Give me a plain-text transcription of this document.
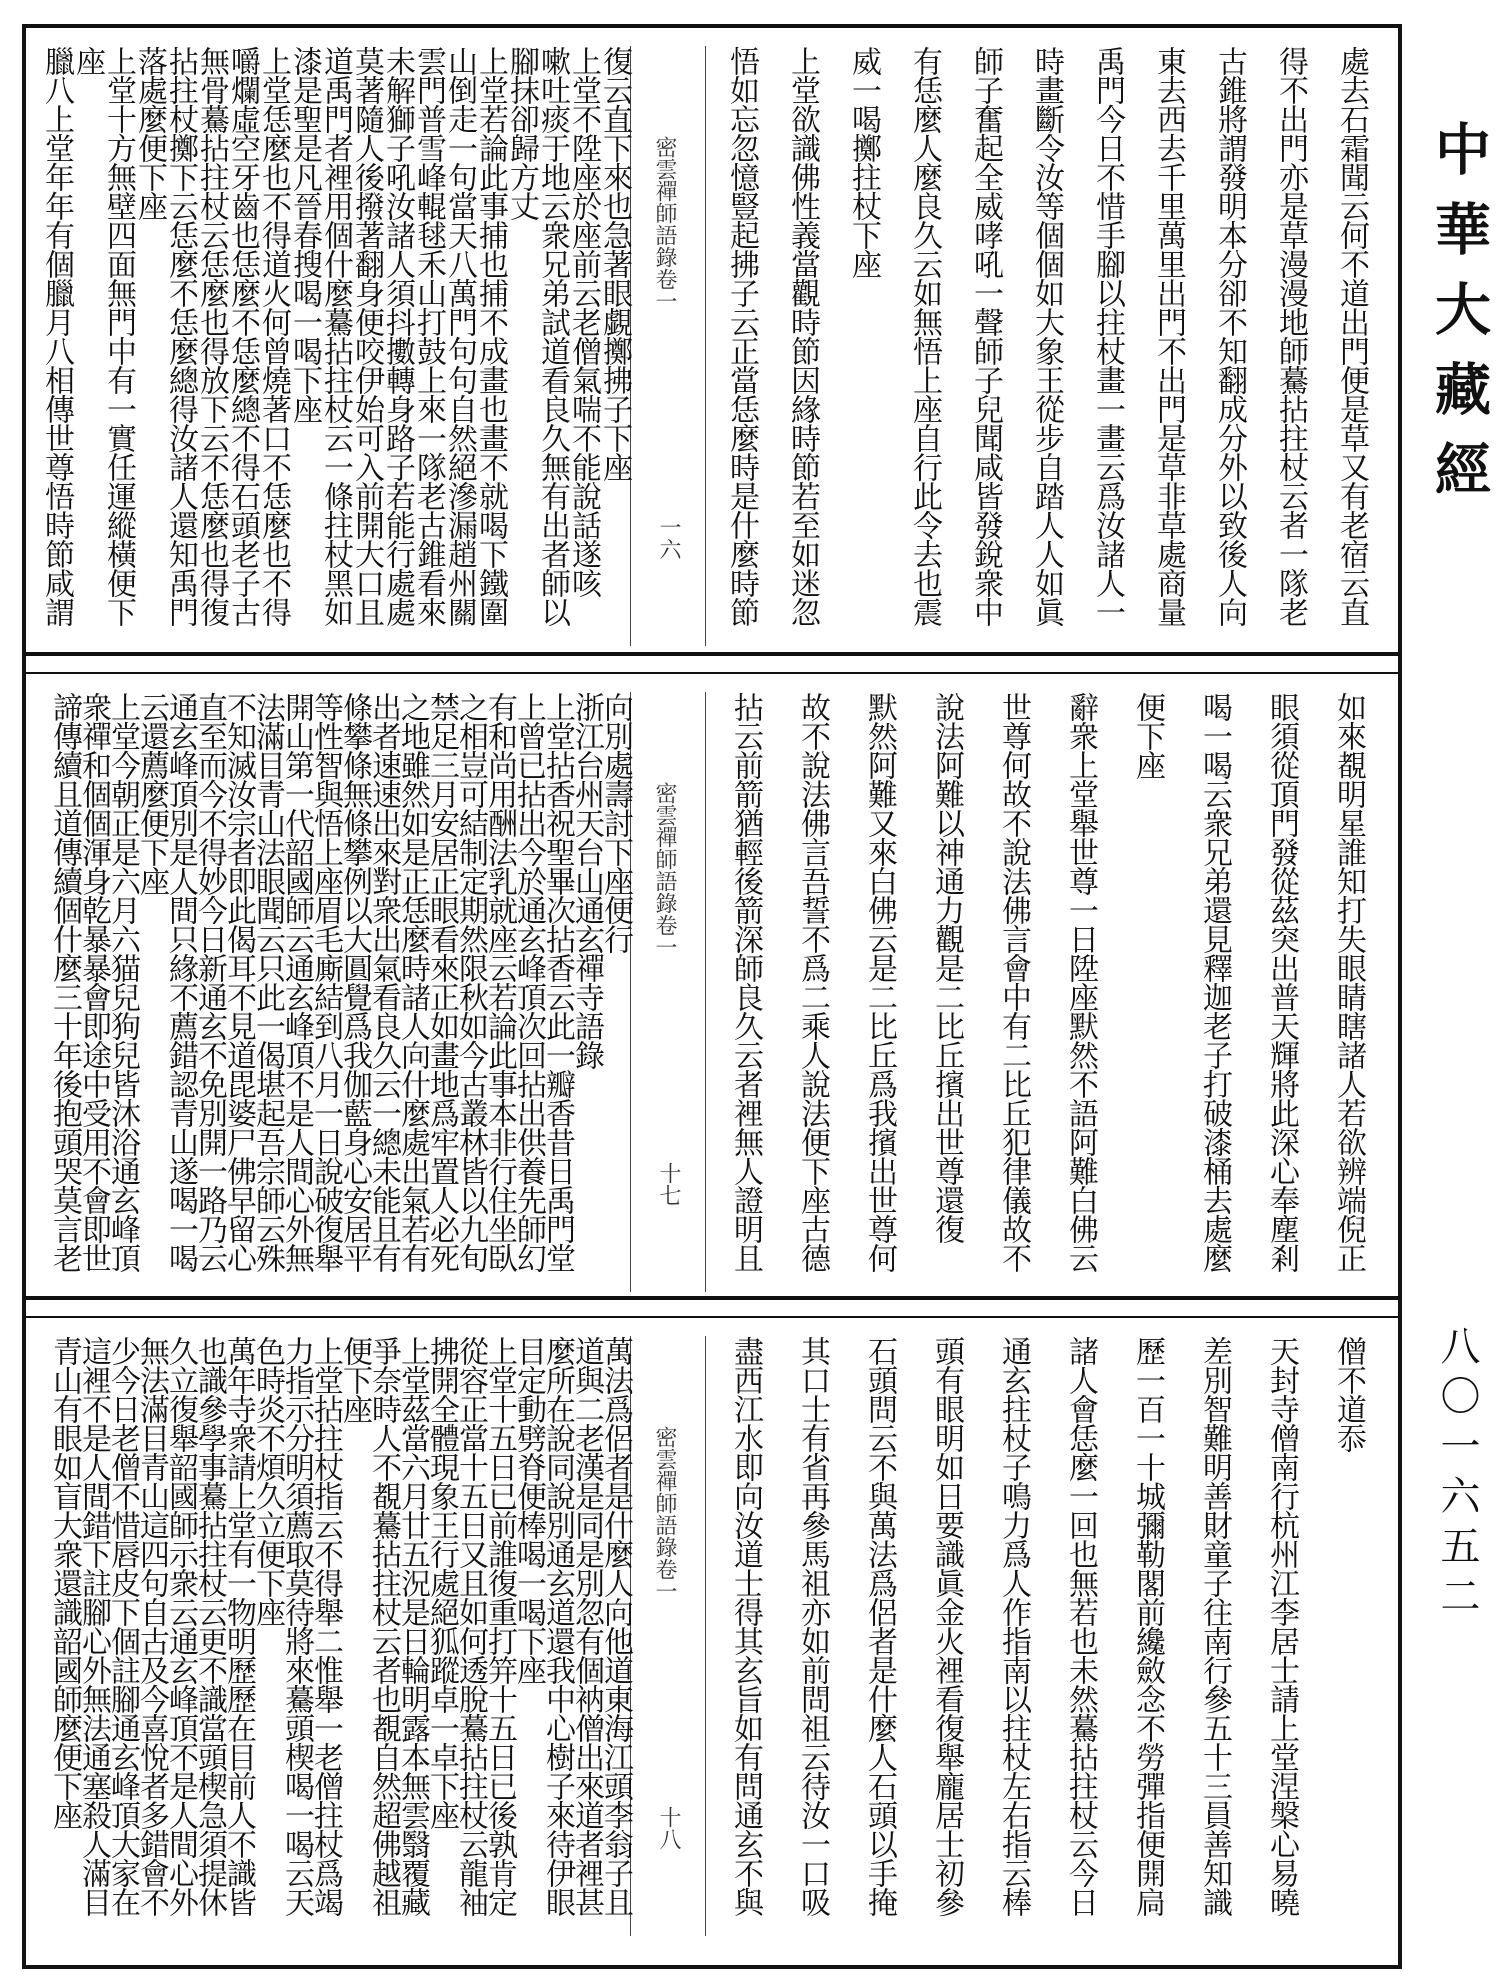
中華大藏經
八〇一六五二
處去石霜聞云何不道出門便是草又有老宿云直
得不出門亦是草漫漫地師驀拈拄杖云者一隊老
古錐將謂發明本分卻不知翻成分外以致後人向
東去西去千里萬里出門不出門是草非草處商量
禹門今日不惜手腳以拄杖畫一畫云爲汝諸人一
時畫斷令汝等個個如大象王從步自踏人人如眞
師子奮起全威哮吼一聲師子兒聞咸皆發銳衆中
有恁麼人麼良久云如無悟上座自行此令去也震
威一喝擲拄杖下座
上堂欲識佛性義當觀時節因緣時節若至如迷忽
悟如忘忽憶豎起拂子云正當恁麼時是什麼時節
密雲禪師語錄卷一
一六
復云直下來也急著眼覷擲拂子下座
上堂不陞座於座前云老僧氣喘不能說話遂咳
嗽吐痰于地云衆兄弟試道看良久無有出者師以
腳抹卻歸方丈
上堂若論此事捕也捕不成畫也畫不就喝下鐵圍
山倒走一句當天八萬門句句自然絕滲漏趙州關
雲門普雪峰輥毬禾山打鼓上來一隊老古錐看來
未解獅子吼汝諸人須抖擻轉身路子若能行處處
莫著隨人後撥著翻身便咬伊始可入前開大口且
道禹門者裡用個什麼驀拈拄杖云一條拄杖黑如
漆是聖是凡晉春搜喝一喝下座
上堂恁麼也不得道火何曾燒著口不恁麼也不得
嚼爛虛空牙齒也恁麼不恁麼總不得石頭老子古
無骨驀拈拄杖云恁麼也得放下云不恁麼也得復
拈拄杖擲下云恁麼不恁麼總得汝諸人還知禹門
落處麼便下座
上堂十方無壁四面無門中有一實任運縱橫便下
座
臘八上堂年年有個臘月八相傳世尊悟時節咸謂
如來覩明星誰知打失眼睛瞎諸人若欲辨端倪正
眼須從頂門發從茲突出普天輝將此深心奉塵剎
喝一喝云衆兄弟還見釋迦老子打破漆桶去處麼
便下座
辭衆上堂舉世尊一日陞座默然不語阿難白佛云
世尊何故不說法佛言會中有二比丘犯律儀故不
說法阿難以神通力觀是二比丘擯出世尊還復
默然阿難又來白佛云是二比丘爲我擯出世尊何
故不說法佛言吾誓不爲二乘人說法便下座古德
拈云前箭猶輕後箭深師良久云者裡無人證明且
密雲禪師語錄卷一
十七
向別處壽討下座便行
浙江台州天台山通玄禪寺語錄
上堂拈香祝聖畢次拈香云此一瓣香昔日禹門堂
上曾已拈出今於通玄峰頂次回拈出供養先師幻
有和尚用酬法乳就座云若論此事本非行住坐臥
之相豈可結制定期然限秋如今古叢林皆以九旬
禁足三月安居正眼看來正如畫地爲牢置人必死
之地雖然如是正恁麼時諸人向什麼處出氣若有
出者速速出來對衆出氣看良久云一總未能且有
條攀條無條攀例以大圓覺爲我伽藍身心安居平
等性智與悟上座眉毛廝結到八月一日說破復舉
開山第一代韶國師云通玄峰頂不是人間心外無
法滿目青山法眼聞云只此一偈堪起吾宗師云殊
不知滅汝宗者即此偈耳不見道毘婆尸佛早留心
直至而今不得妙今日新通玄不免別開一路乃云
通玄峰頂別是人間只緣不薦錯認青山遂喝一喝
云還薦麼便下座
上堂今朝正是六月六猫兒狗兒皆沐浴通玄峰頂
衆禪和個個渾身乾暴暴會即途中受用不會即世
諦傳續且道傳續個什麼三十年後抱頭哭莫言老
僧不道忝
天封寺僧南行杭州江李居士請上堂涅槃心易曉
差別智難明善財童子往南行參五十三員善知識
歷一百一十城彌勒閣前纔斂念不勞彈指便開扃
諸人會恁麼一回也無若也未然驀拈拄杖云今日
通玄拄杖子鳴力爲人作指南以拄杖左右指云棒
頭有眼明如日要識眞金火裡看復舉龐居士初參
石頭問云不與萬法爲侶者是什麼人石頭以手掩
其口士有省再參馬祖亦如前問祖云待汝一口吸
盡西江水即向汝道士得其玄旨如有問通玄不與
密雲禪師語錄卷一
十八
萬法爲侶者是什麼人向他道東海江頭李翁子且
道與二老漢是同是別忽有個衲僧出來道者裡甚
麼所在說同說別通玄道還我中心樹子來待伊眼
目定動劈脊便棒喝一喝下座
上堂十五日已前誰復重打笄十五日已後孰肯定
從容正當十五日又且如何透脫驀拈拄杖云龍袖
拂開全體現象王行處絕狐蹤卓一卓下座
上堂茲當六月廿五況是日輪明露本無雲翳覆藏
爭奈時人不覩驀拈拄杖云者也覩自然超佛越祖
便下座
上堂拈拄杖指云不得舉二惟舉一老僧拄杖爲竭
力指示分明須薦取莫待將來驀頭楔喝一喝云天
色時炎不煩久立便下座
萬年寺衆請上堂有一物明歷歷在目前人不識皆
也識參學事驀拈拄杖云更不識當頭楔急須提休
久立復舉韶國師示衆云通玄峰頂不是人間心外
無法滿目青山這四句自古及今喜悅者多錯會不
少今日老僧不惜唇皮下個註腳通玄峰頂大家在
這裡不是人間錯下註腳心外無法通塞殺人滿目
青山有眼如盲大衆還識韶國師麼便下座
